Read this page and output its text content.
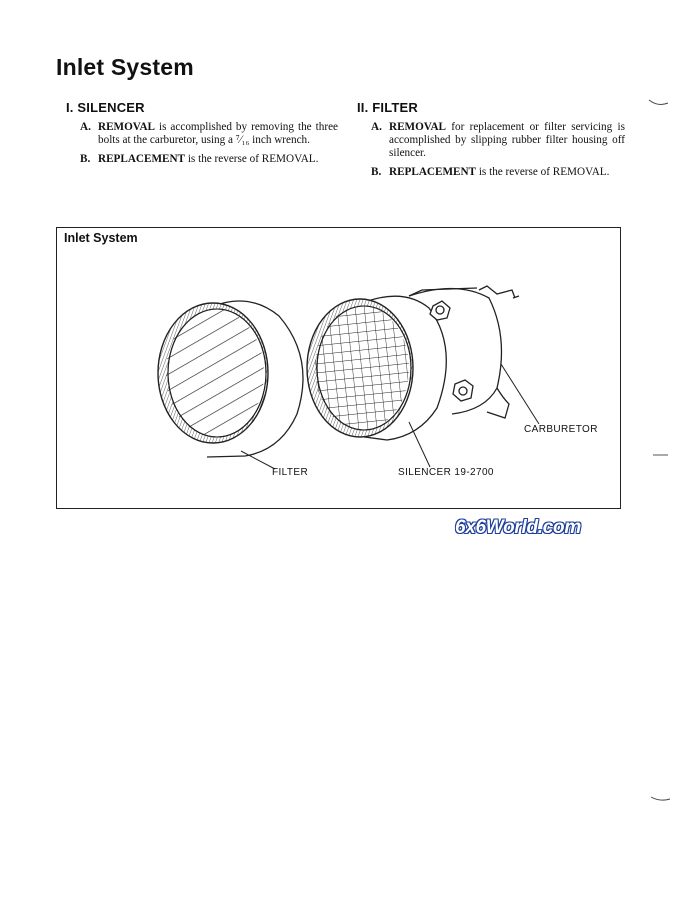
Inlet System
I. SILENCER
A. REMOVAL is accomplished by removing the three bolts at the carburetor, using a ⁷⁄₁₆ inch wrench.
B. REPLACEMENT is the reverse of REMOVAL.
II. FILTER
A. REMOVAL for replacement or filter servicing is accomplished by slipping rubber filter housing off silencer.
B. REPLACEMENT is the reverse of REMOVAL.
Inlet System
FILTER	SILENCER 19-2700
CARBURETOR
6x6World.com
